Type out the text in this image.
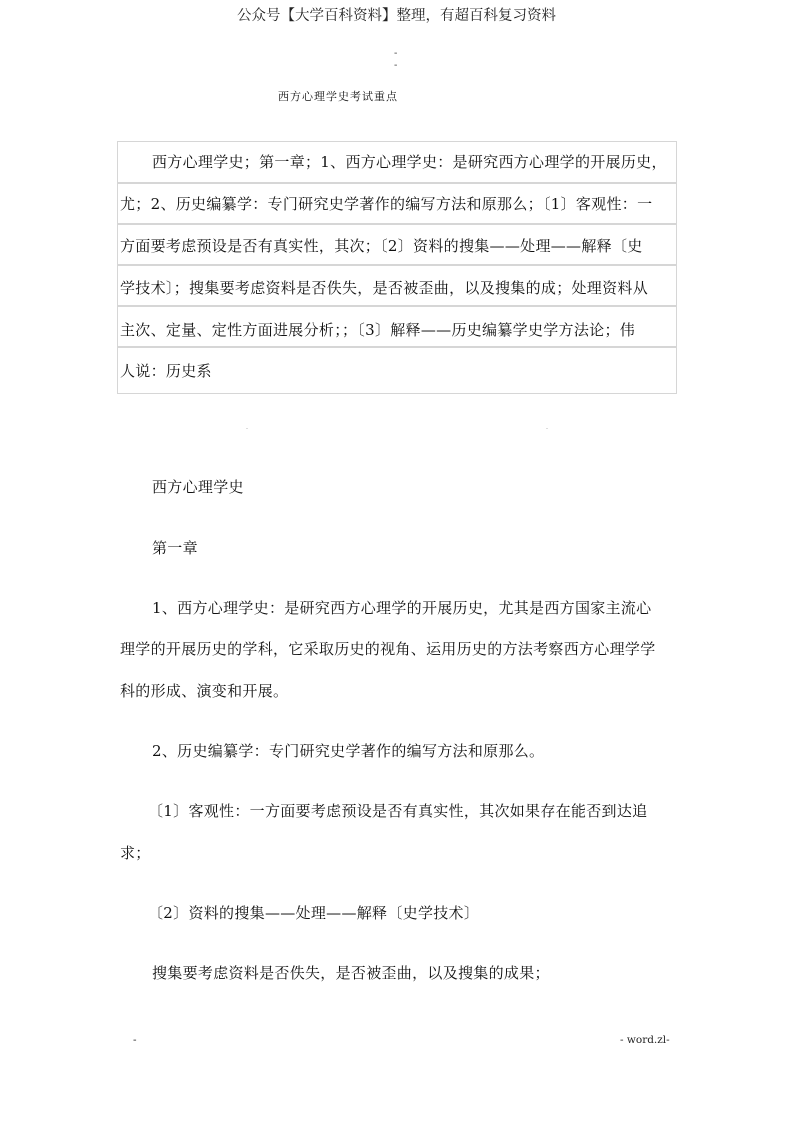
公众号【大学百科资料】整理，有超百科复习资料
-
-
西方心理学史考试重点
西方心理学史；第一章；1、西方心理学史：是研究西方心理学的开展历史，
尤；2、历史编纂学：专门研究史学著作的编写方法和原那么；〔1〕客观性：一
方面要考虑预设是否有真实性，其次；〔2〕资料的搜集——处理——解释〔史
学技术〕；搜集要考虑资料是否佚失，是否被歪曲，以及搜集的成；处理资料从
主次、定量、定性方面进展分析；；〔3〕解释——历史编纂学史学方法论；伟
人说：历史系
西方心理学史
第一章
1、西方心理学史：是研究西方心理学的开展历史，尤其是西方国家主流心
理学的开展历史的学科，它采取历史的视角、运用历史的方法考察西方心理学学
科的形成、演变和开展。
2、历史编纂学：专门研究史学著作的编写方法和原那么。
〔1〕客观性：一方面要考虑预设是否有真实性，其次如果存在能否到达追
求；
〔2〕资料的搜集——处理——解释〔史学技术〕
搜集要考虑资料是否佚失，是否被歪曲，以及搜集的成果；
-	- word.zl-
